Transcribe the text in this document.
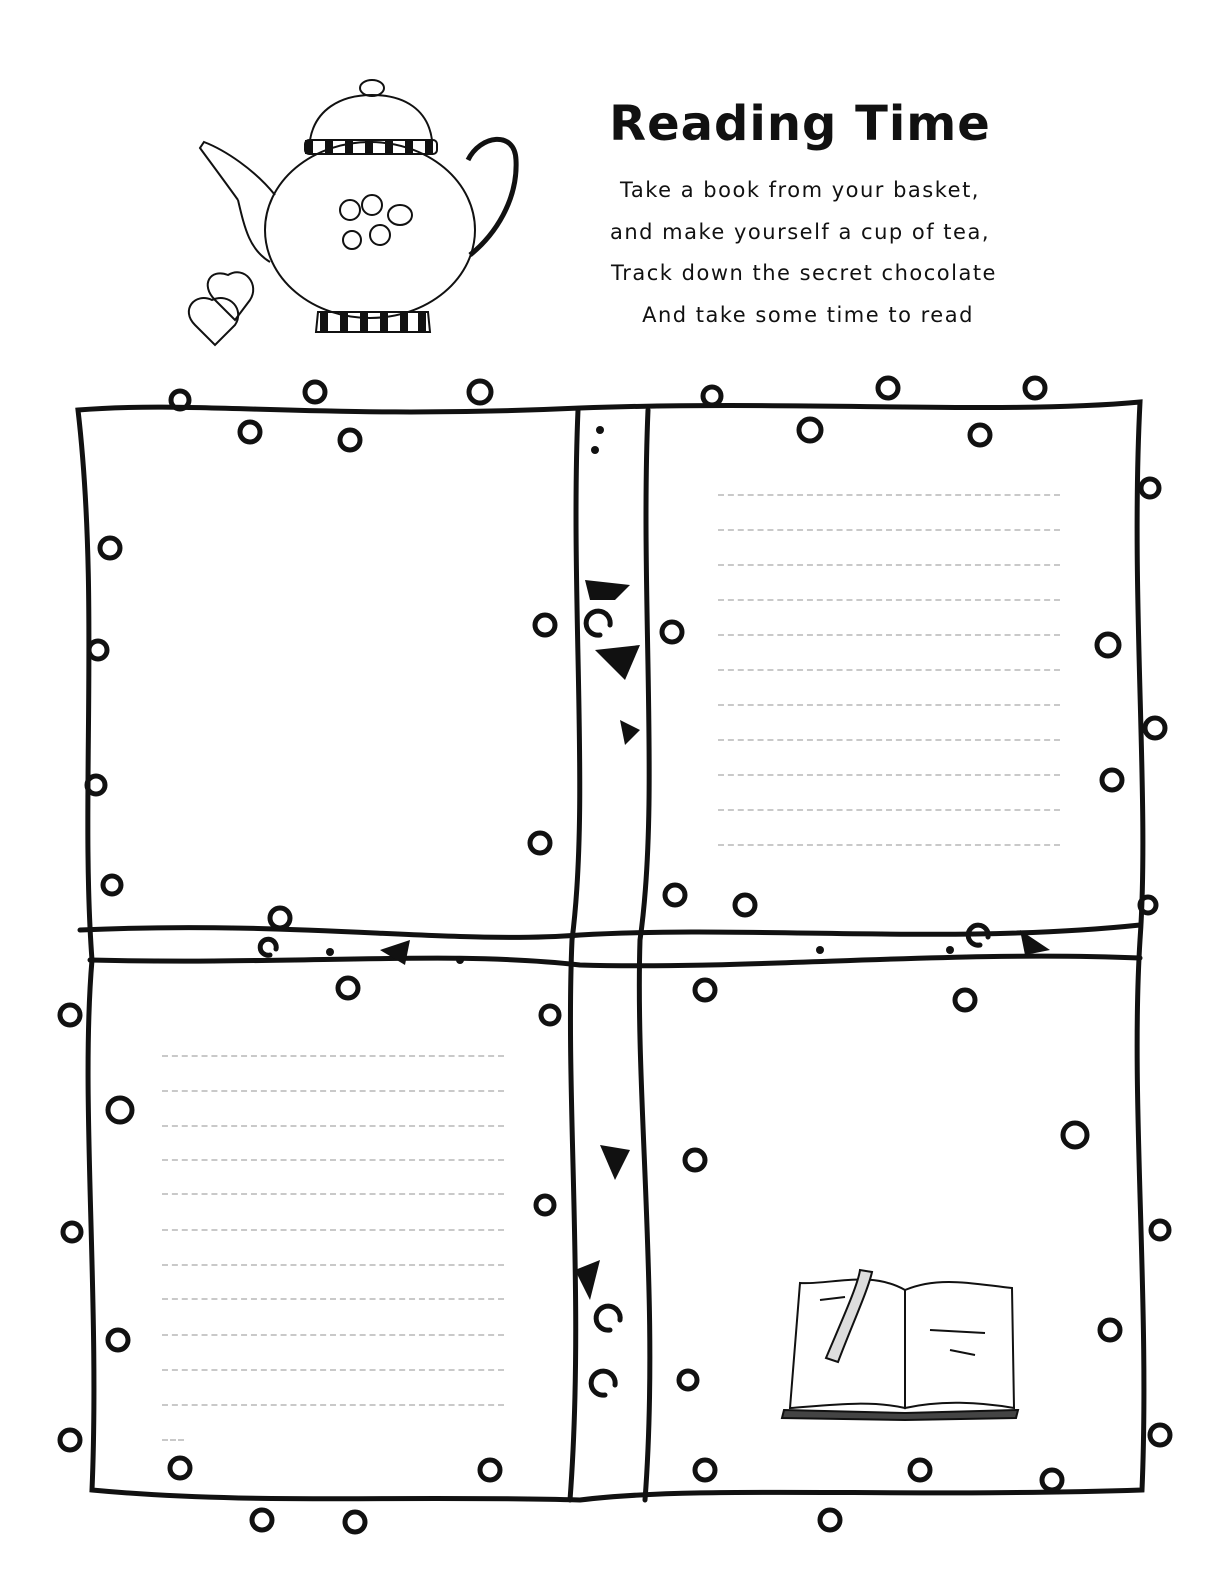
Reading Time
Take a book from your basket,
and make yourself a cup of tea,
Track down the secret chocolate
And take some time to read
